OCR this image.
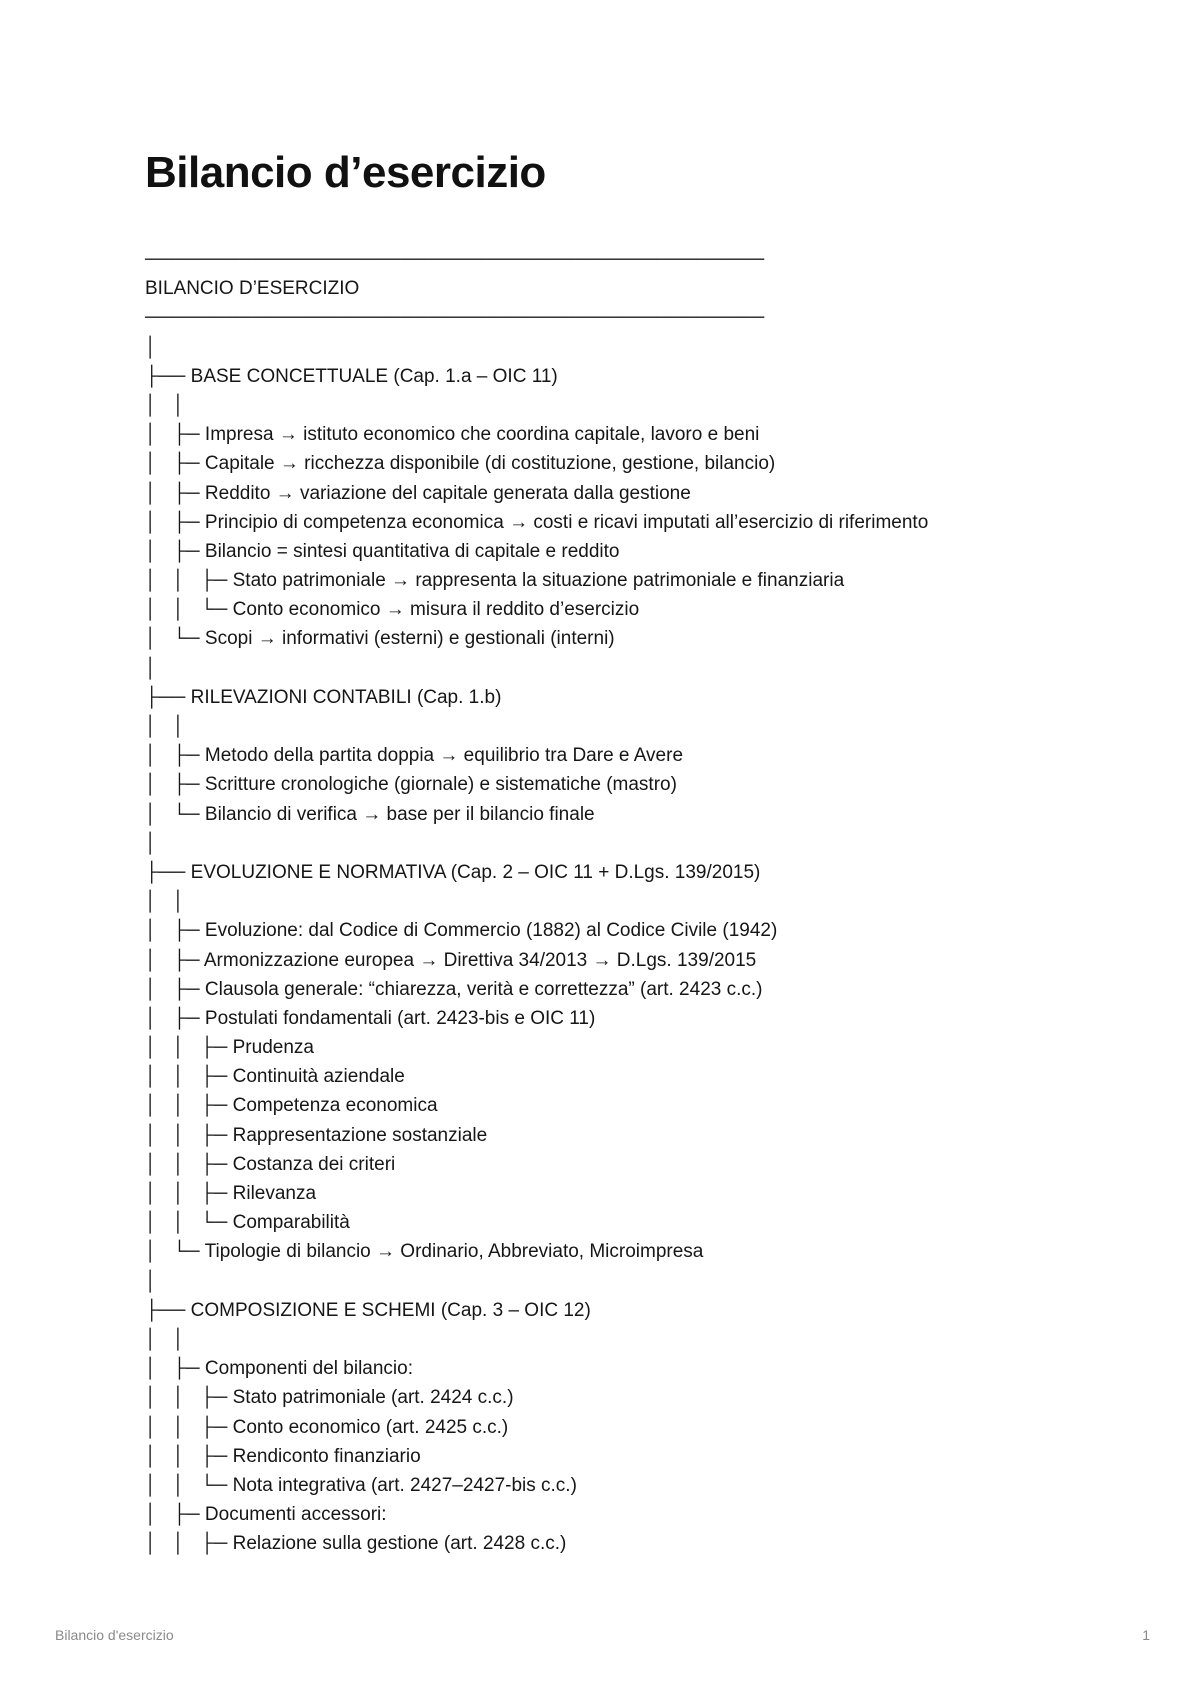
Bilancio d’esercizio
──────────────────────────────────────────────
BILANCIO D’ESERCIZIO
──────────────────────────────────────────────
│
├── BASE CONCETTUALE (Cap. 1.a – OIC 11)
│   │
│   ├─ Impresa → istituto economico che coordina capitale, lavoro e beni
│   ├─ Capitale → ricchezza disponibile (di costituzione, gestione, bilancio)
│   ├─ Reddito → variazione del capitale generata dalla gestione
│   ├─ Principio di competenza economica → costi e ricavi imputati all’esercizio di riferimento
│   ├─ Bilancio = sintesi quantitativa di capitale e reddito
│   │   ├─ Stato patrimoniale → rappresenta la situazione patrimoniale e finanziaria
│   │   └─ Conto economico → misura il reddito d’esercizio
│   └─ Scopi → informativi (esterni) e gestionali (interni)
│
├── RILEVAZIONI CONTABILI (Cap. 1.b)
│   │
│   ├─ Metodo della partita doppia → equilibrio tra Dare e Avere
│   ├─ Scritture cronologiche (giornale) e sistematiche (mastro)
│   └─ Bilancio di verifica → base per il bilancio finale
│
├── EVOLUZIONE E NORMATIVA (Cap. 2 – OIC 11 + D.Lgs. 139/2015)
│   │
│   ├─ Evoluzione: dal Codice di Commercio (1882) al Codice Civile (1942)
│   ├─ Armonizzazione europea → Direttiva 34/2013 → D.Lgs. 139/2015
│   ├─ Clausola generale: “chiarezza, verità e correttezza” (art. 2423 c.c.)
│   ├─ Postulati fondamentali (art. 2423-bis e OIC 11)
│   │   ├─ Prudenza
│   │   ├─ Continuità aziendale
│   │   ├─ Competenza economica
│   │   ├─ Rappresentazione sostanziale
│   │   ├─ Costanza dei criteri
│   │   ├─ Rilevanza
│   │   └─ Comparabilità
│   └─ Tipologie di bilancio → Ordinario, Abbreviato, Microimpresa
│
├── COMPOSIZIONE E SCHEMI (Cap. 3 – OIC 12)
│   │
│   ├─ Componenti del bilancio:
│   │   ├─ Stato patrimoniale (art. 2424 c.c.)
│   │   ├─ Conto economico (art. 2425 c.c.)
│   │   ├─ Rendiconto finanziario
│   │   └─ Nota integrativa (art. 2427–2427-bis c.c.)
│   ├─ Documenti accessori:
│   │   ├─ Relazione sulla gestione (art. 2428 c.c.)
Bilancio d'esercizio	1
